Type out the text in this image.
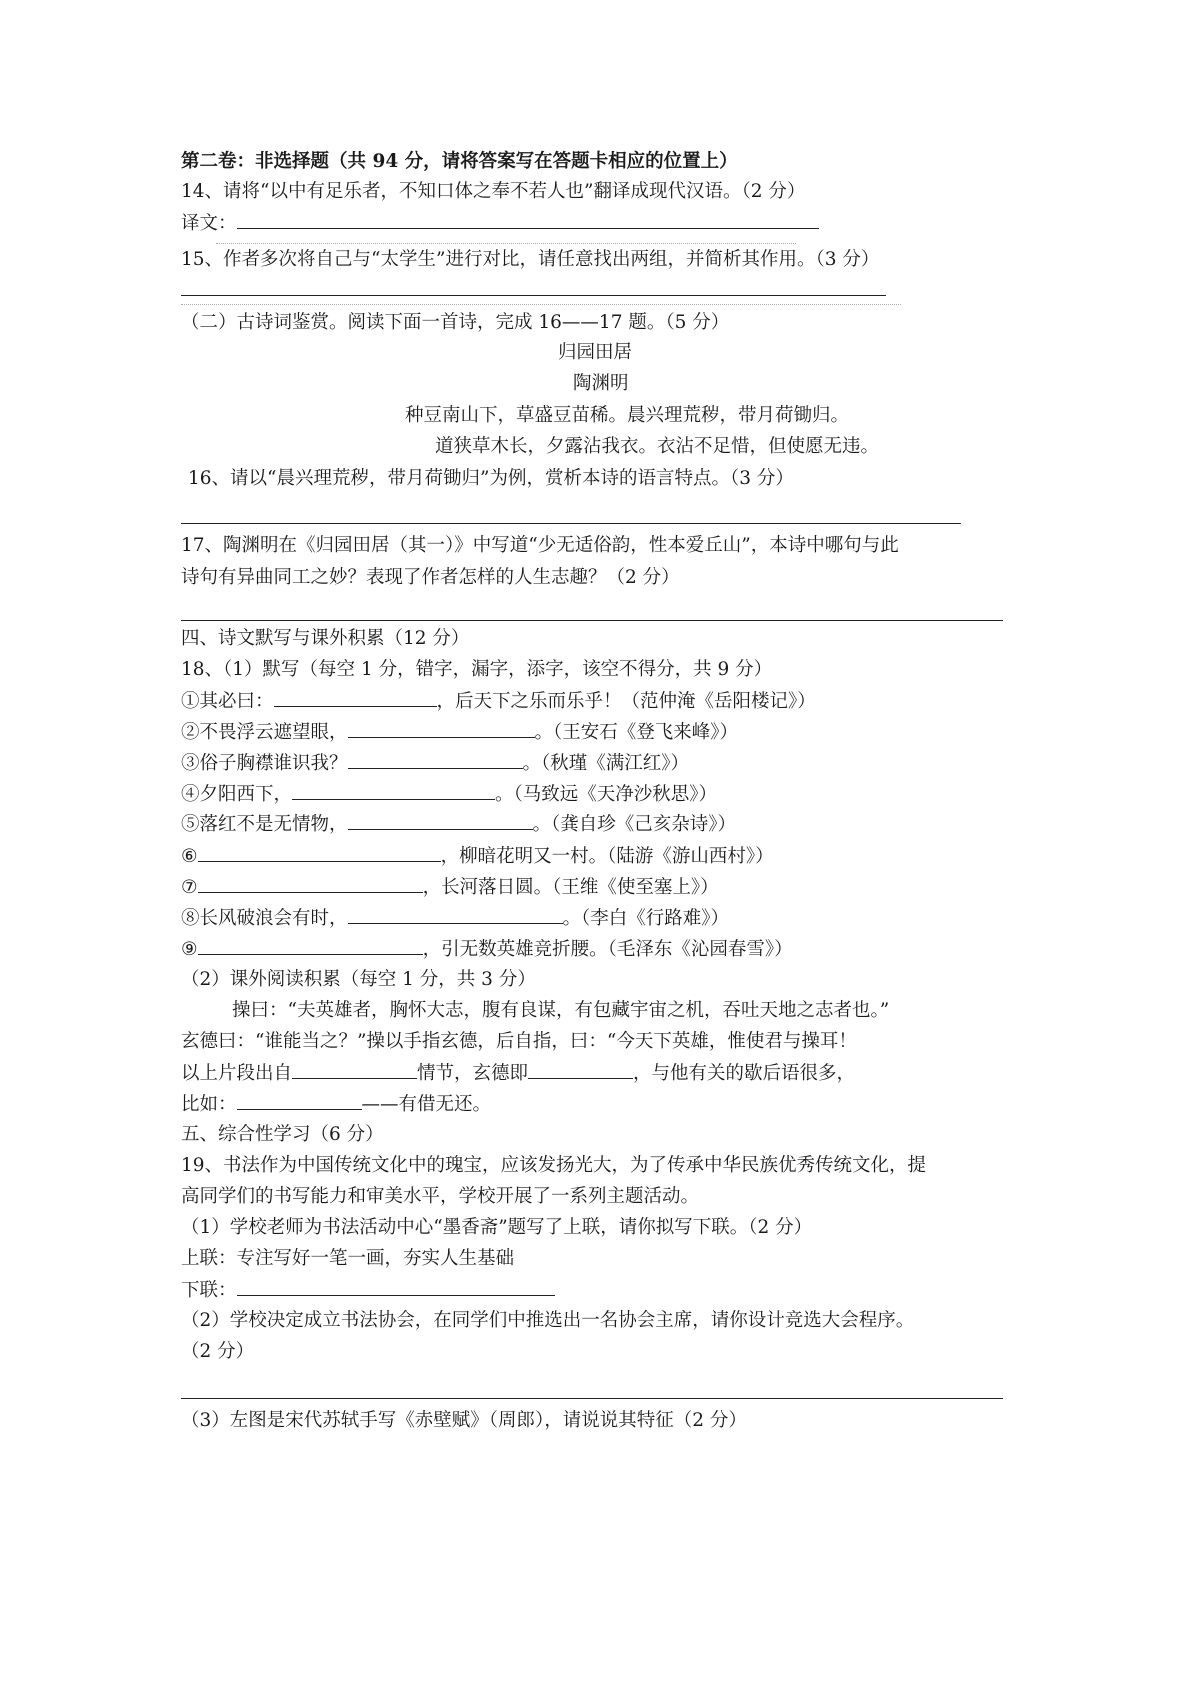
第二卷：非选择题（共 94 分，请将答案写在答题卡相应的位置上）
14、请将“以中有足乐者，不知口体之奉不若人也”翻译成现代汉语。（2 分）
译文：
15、作者多次将自己与“太学生”进行对比，请任意找出两组，并简析其作用。（3 分）
（二）古诗词鉴赏。阅读下面一首诗，完成 16——17 题。（5 分）
归园田居
陶渊明
种豆南山下，草盛豆苗稀。晨兴理荒秽，带月荷锄归。
道狭草木长，夕露沾我衣。衣沾不足惜，但使愿无违。
16、请以“晨兴理荒秽，带月荷锄归”为例，赏析本诗的语言特点。（3 分）
17、陶渊明在《归园田居（其一）》中写道“少无适俗韵，性本爱丘山”，本诗中哪句与此
诗句有异曲同工之妙？表现了作者怎样的人生志趣？（2 分）
四、诗文默写与课外积累（12 分）
18、（1）默写（每空 1 分，错字，漏字，添字，该空不得分，共 9 分）
①其必曰：	，后天下之乐而乐乎！（范仲淹《岳阳楼记》）
②不畏浮云遮望眼，	。（王安石《登飞来峰》）
③俗子胸襟谁识我？	。（秋瑾《满江红》）
④夕阳西下，	。（马致远《天净沙秋思》）
⑤落红不是无情物，	。（龚自珍《己亥杂诗》）
⑥	，柳暗花明又一村。（陆游《游山西村》）
⑦	，长河落日圆。（王维《使至塞上》）
⑧长风破浪会有时，	。（李白《行路难》）
⑨	，引无数英雄竞折腰。（毛泽东《沁园春雪》）
（2）课外阅读积累（每空 1 分，共 3 分）
操曰：“夫英雄者，胸怀大志，腹有良谋，有包藏宇宙之机，吞吐天地之志者也。”
玄德曰：“谁能当之？”操以手指玄德，后自指，曰：“今天下英雄，惟使君与操耳！
以上片段出自	情节，玄德即	，与他有关的歇后语很多，
比如：	——有借无还。
五、综合性学习（6 分）
19、书法作为中国传统文化中的瑰宝，应该发扬光大，为了传承中华民族优秀传统文化，提
高同学们的书写能力和审美水平，学校开展了一系列主题活动。
（1）学校老师为书法活动中心“墨香斋”题写了上联，请你拟写下联。（2 分）
上联：专注写好一笔一画，夯实人生基础
下联：
（2）学校决定成立书法协会，在同学们中推选出一名协会主席，请你设计竞选大会程序。
（2 分）
（3）左图是宋代苏轼手写《赤壁赋》（周郎），请说说其特征（2 分）
